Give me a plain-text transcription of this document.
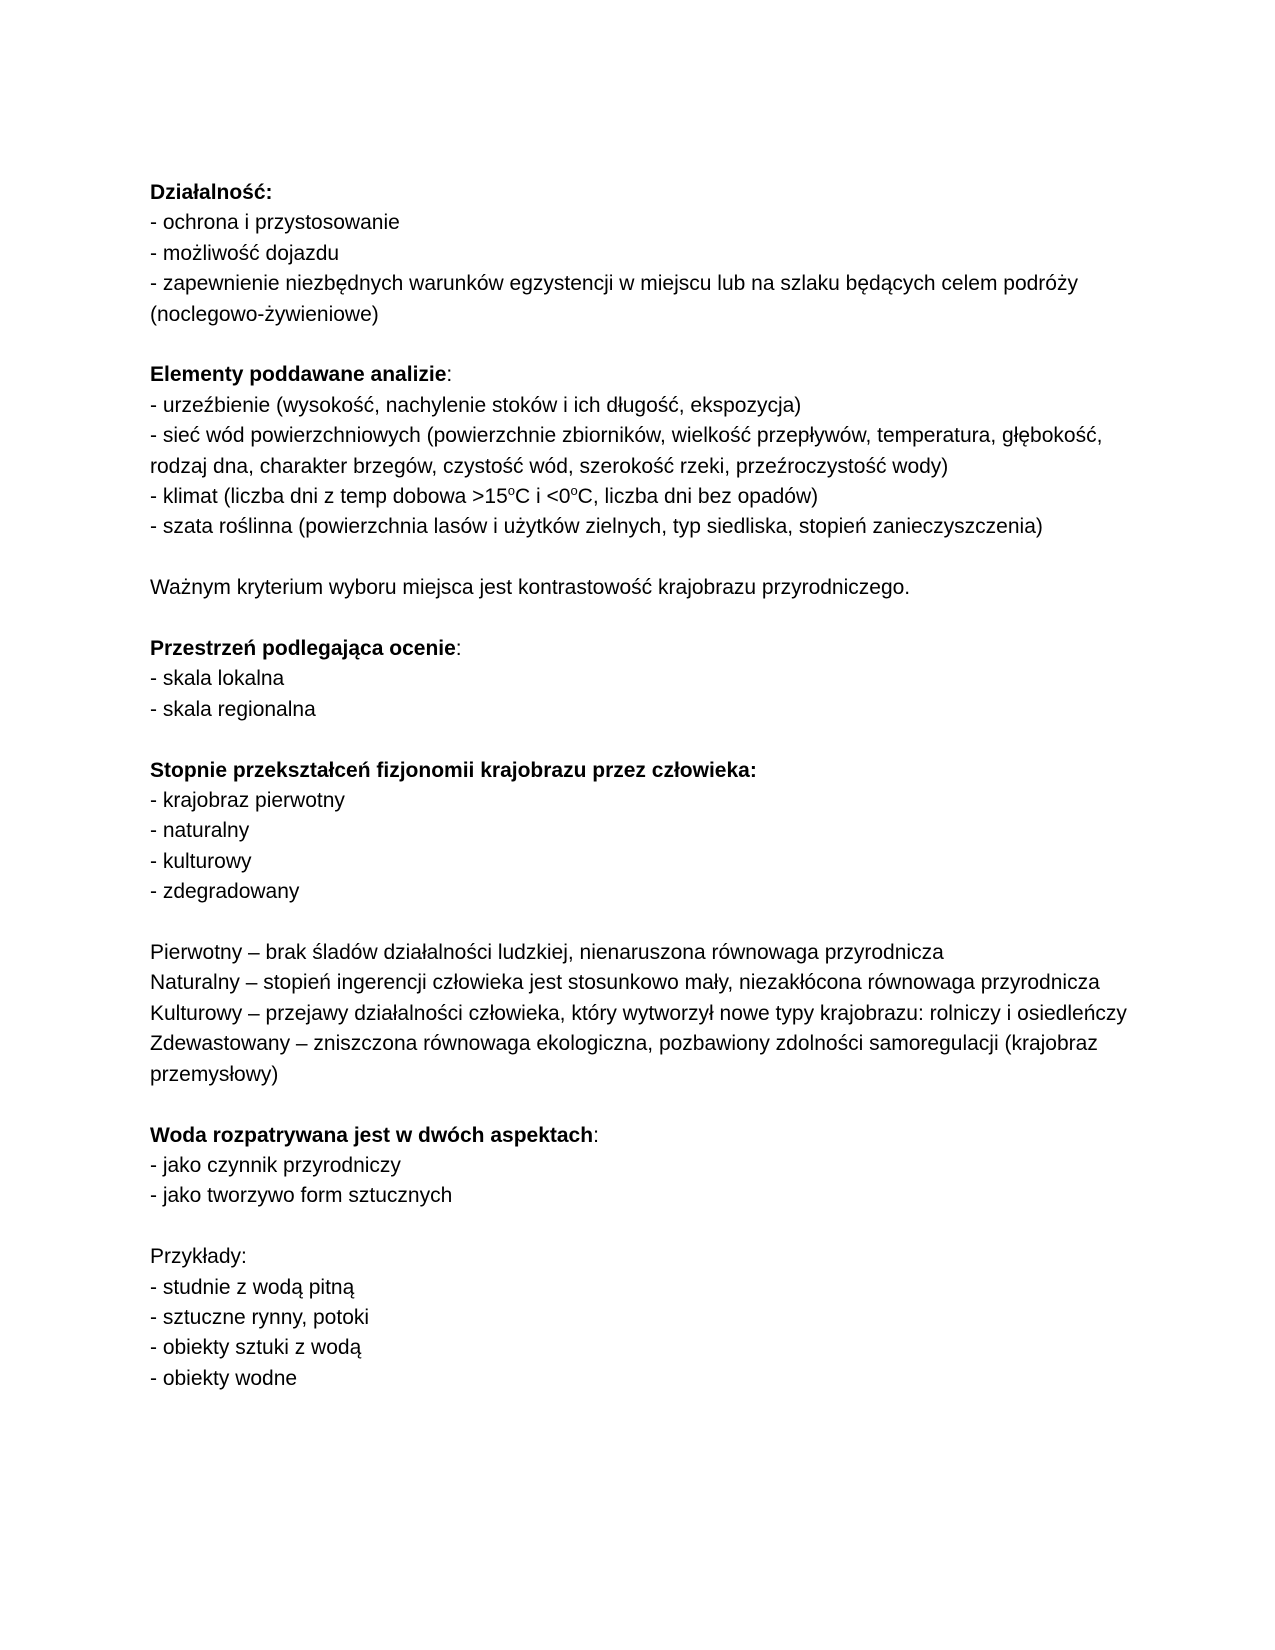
Działalność:

- ochrona i przystosowanie

- możliwość dojazdu

- zapewnienie niezbędnych warunków egzystencji w miejscu lub na szlaku będących celem podróży (noclegowo-żywieniowe)

Elementy poddawane analizie:

- urzeźbienie (wysokość, nachylenie stoków i ich długość, ekspozycja)

- sieć wód powierzchniowych (powierzchnie zbiorników, wielkość przepływów, temperatura, głębokość, rodzaj dna, charakter brzegów, czystość wód, szerokość rzeki, przeźroczystość wody)

- klimat (liczba dni z temp dobowa $>15^oC$ $i <0^oC$, liczba dni bez opadów)

- szata roślinna (powierzchnia lasów i użytków zielnych, typ siedliska, stopień zanieczyszczenia)

Ważnym kryterium wyboru miejsca jest kontrastowość krajobrazu przyrodniczego.

Przestrzeń podlegająca ocenie:

- skala lokalna

- skala regionalna

Stopnie przekształceń fizjonomii krajobrazu przez człowieka:

- krajobraz pierwotny

- naturalny

- kulturowy

- zdegradowany

Pierwotny – brak śladów działalności ludzkiej, nienaruszona równowaga przyrodnicza

Naturalny – stopień ingerencji człowieka jest stosunkowo mały, niezakłócona równowaga przyrodnicza

Kulturowy – przejawy działalności człowieka, który wytworzył nowe typy krajobrazu: rolniczy i osiedleńczy

Zdewastowany – zniszczona równowaga ekologiczna, pozbawiony zdolności samoregulacji (krajobraz przemysłowy)

Woda rozpatrywana jest w dwóch aspektach:

- jako czynnik przyrodniczy

- jako tworzywo form sztucznych

Przykłady:

- studnie z wodą pitną

- sztuczne rynny, potoki

- obiekty sztuki z wodą

- obiekty wodne
